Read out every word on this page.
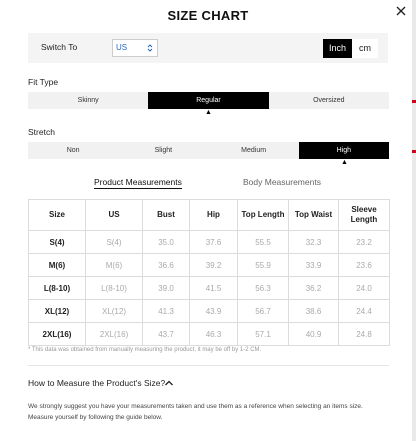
SIZE CHART
Switch To	US	Inch	cm
Fit Type
Skinny	Regular	Oversized
▲
Stretch
Non	Slight	Medium	High
▲
Product Measurements	Body Measurements
Size	US	Bust	Hip	Top Length	Top Waist	Sleeve Length
S(4)	S(4)	35.0	37.6	55.5	32.3	23.2
M(6)	M(6)	36.6	39.2	55.9	33.9	23.6
L(8-10)	L(8-10)	39.0	41.5	56.3	36.2	24.0
XL(12)	XL(12)	41.3	43.9	56.7	38.6	24.4
2XL(16)	2XL(16)	43.7	46.3	57.1	40.9	24.8
* This data was obtained from manually measuring the product, it may be off by 1-2 CM.
How to Measure the Product's Size?
We strongly suggest you have your measurements taken and use them as a reference when selecting an items size. Measure yourself by following the guide below.
